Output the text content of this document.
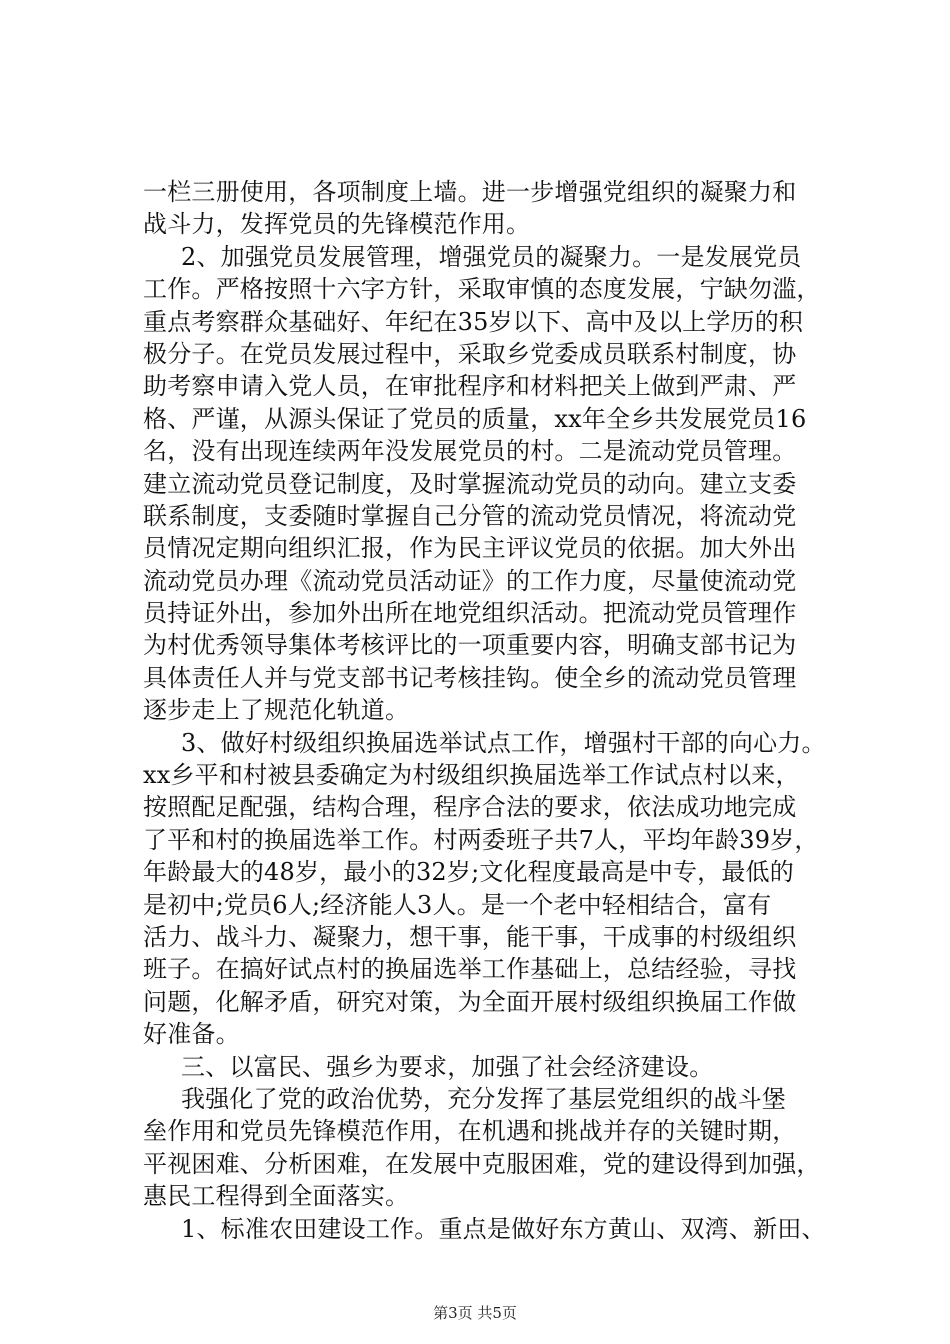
一栏三册使用，各项制度上墙。进一步增强党组织的凝聚力和
战斗力，发挥党员的先锋模范作用。
2、加强党员发展管理，增强党员的凝聚力。一是发展党员
工作。严格按照十六字方针，采取审慎的态度发展，宁缺勿滥，
重点考察群众基础好、年纪在35岁以下、高中及以上学历的积
极分子。在党员发展过程中，采取乡党委成员联系村制度，协
助考察申请入党人员，在审批程序和材料把关上做到严肃、严
格、严谨，从源头保证了党员的质量，xx年全乡共发展党员16
名，没有出现连续两年没发展党员的村。二是流动党员管理。
建立流动党员登记制度，及时掌握流动党员的动向。建立支委
联系制度，支委随时掌握自己分管的流动党员情况，将流动党
员情况定期向组织汇报，作为民主评议党员的依据。加大外出
流动党员办理《流动党员活动证》的工作力度，尽量使流动党
员持证外出，参加外出所在地党组织活动。把流动党员管理作
为村优秀领导集体考核评比的一项重要内容，明确支部书记为
具体责任人并与党支部书记考核挂钩。使全乡的流动党员管理
逐步走上了规范化轨道。
3、做好村级组织换届选举试点工作，增强村干部的向心力。
xx乡平和村被县委确定为村级组织换届选举工作试点村以来，
按照配足配强，结构合理，程序合法的要求，依法成功地完成
了平和村的换届选举工作。村两委班子共7人，平均年龄39岁，
年龄最大的48岁，最小的32岁;文化程度最高是中专，最低的
是初中;党员6人;经济能人3人。是一个老中轻相结合，富有
活力、战斗力、凝聚力，想干事，能干事，干成事的村级组织
班子。在搞好试点村的换届选举工作基础上，总结经验，寻找
问题，化解矛盾，研究对策，为全面开展村级组织换届工作做
好准备。
三、以富民、强乡为要求，加强了社会经济建设。
我强化了党的政治优势，充分发挥了基层党组织的战斗堡
垒作用和党员先锋模范作用，在机遇和挑战并存的关键时期，
平视困难、分析困难，在发展中克服困难，党的建设得到加强，
惠民工程得到全面落实。
1、标准农田建设工作。重点是做好东方黄山、双湾、新田、
第3页 共5页
